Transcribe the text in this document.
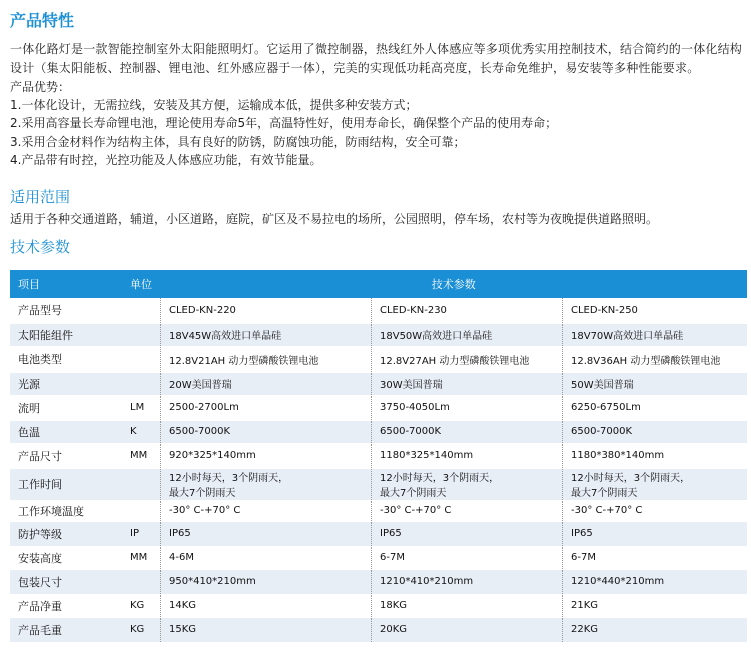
产品特性
一体化路灯是一款智能控制室外太阳能照明灯。它运用了微控制器，热线红外人体感应等多项优秀实用控制技术，结合简约的一体化结构设计（集太阳能板、控制器、锂电池、红外感应器于一体），完美的实现低功耗高亮度，长寿命免维护，易安装等多种性能要求。
产品优势：
1.一体化设计，无需拉线，安装及其方便，运输成本低，提供多种安装方式；
2.采用高容量长寿命锂电池，理论使用寿命5年，高温特性好，使用寿命长，确保整个产品的使用寿命；
3.采用合金材料作为结构主体，具有良好的防锈，防腐蚀功能，防雨结构，安全可靠；
4.产品带有时控，光控功能及人体感应功能，有效节能量。
适用范围
适用于各种交通道路，辅道，小区道路，庭院，矿区及不易拉电的场所，公园照明，停车场，农村等为夜晚提供道路照明。
技术参数
项目	单位	技术参数		
产品型号		CLED-KN-220	CLED-KN-230	CLED-KN-250
太阳能组件		18V45W高效进口单晶硅	18V50W高效进口单晶硅	18V70W高效进口单晶硅
电池类型		12.8V21AH 动力型磷酸铁锂电池	12.8V27AH 动力型磷酸铁锂电池	12.8V36AH 动力型磷酸铁锂电池
光源		20W美国普瑞	30W美国普瑞	50W美国普瑞
流明	LM	2500-2700Lm	3750-4050Lm	6250-6750Lm
色温	K	6500-7000K	6500-7000K	6500-7000K
产品尺寸	MM	920*325*140mm	1180*325*140mm	1180*380*140mm
工作时间		12小时每天，3个阴雨天，
最大7个阴雨天	12小时每天，3个阴雨天，
最大7个阴雨天	12小时每天，3个阴雨天，
最大7个阴雨天
工作环境温度		-30° C-+70° C	-30° C-+70° C	-30° C-+70° C
防护等级	IP	IP65	IP65	IP65
安装高度	MM	4-6M	6-7M	6-7M
包装尺寸		950*410*210mm	1210*410*210mm	1210*440*210mm
产品净重	KG	14KG	18KG	21KG
产品毛重	KG	15KG	20KG	22KG
